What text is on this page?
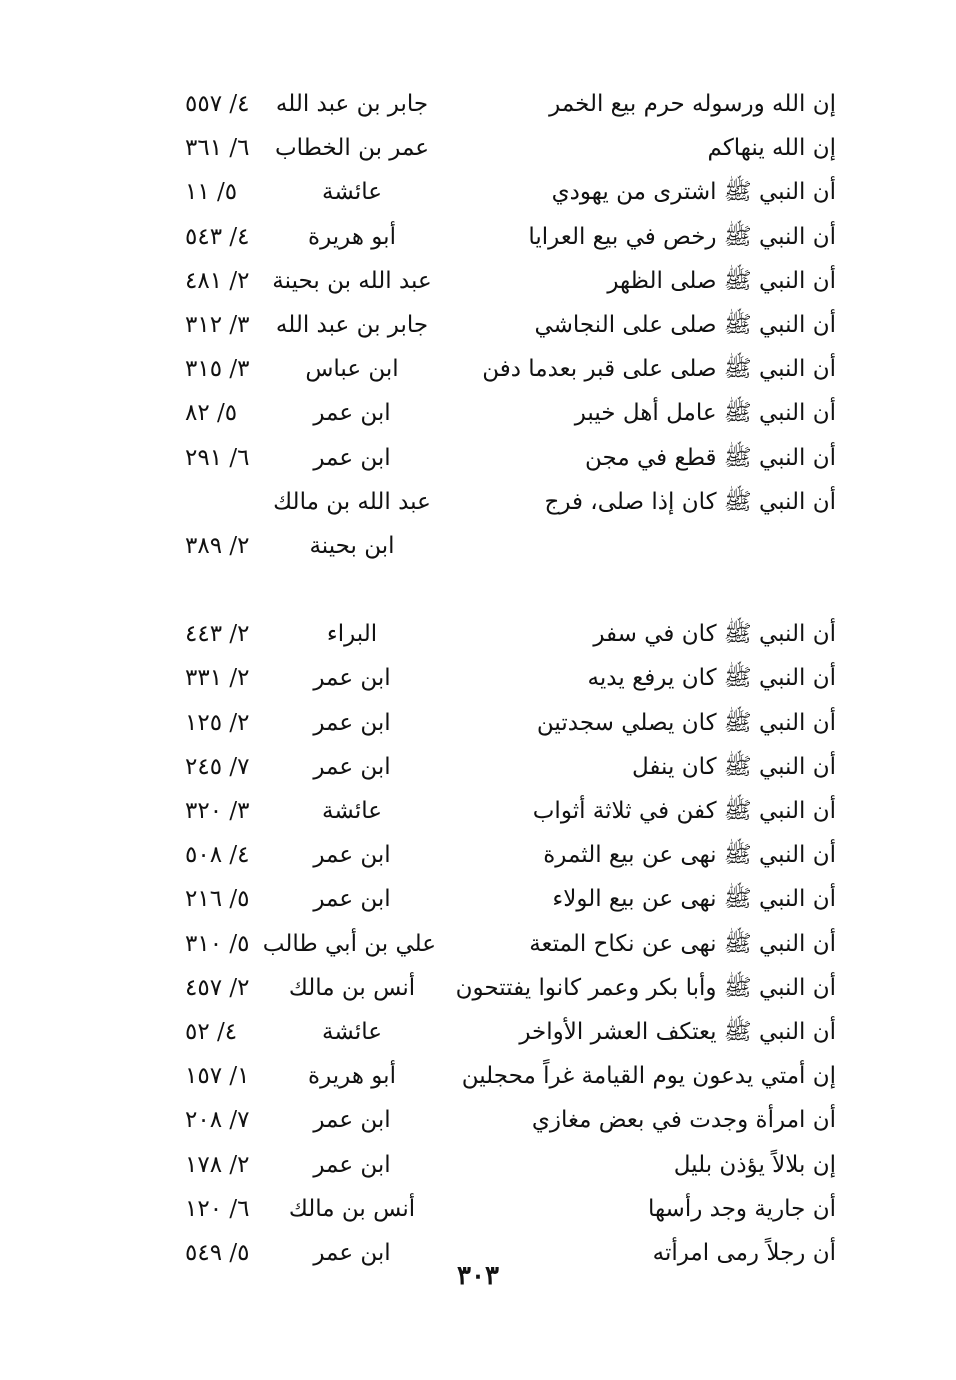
إن الله ورسوله حرم بيع الخمر
جابر بن عبد الله
٤/ ٥٥٧
إن الله ينهاكم
عمر بن الخطاب
٦/ ٣٦١
أن النبي ﷺ اشترى من يهودي
عائشة
٥/ ١١
أن النبي ﷺ رخص في بيع العرايا
أبو هريرة
٤/ ٥٤٣
أن النبي ﷺ صلى الظهر
عبد الله بن بحينة
٢/ ٤٨١
أن النبي ﷺ صلى على النجاشي
جابر بن عبد الله
٣/ ٣١٢
أن النبي ﷺ صلى على قبر بعدما دفن
ابن عباس
٣/ ٣١٥
أن النبي ﷺ عامل أهل خيبر
ابن عمر
٥/ ٨٢
أن النبي ﷺ قطع في مجن
ابن عمر
٦/ ٢٩١
أن النبي ﷺ كان إذا صلى، فرج
عبد الله بن مالك
ابن بحينة
٢/ ٣٨٩
أن النبي ﷺ كان في سفر
البراء
٢/ ٤٤٣
أن النبي ﷺ كان يرفع يديه
ابن عمر
٢/ ٣٣١
أن النبي ﷺ كان يصلي سجدتين
ابن عمر
٢/ ١٢٥
أن النبي ﷺ كان ينفل
ابن عمر
٧/ ٢٤٥
أن النبي ﷺ كفن في ثلاثة أثواب
عائشة
٣/ ٣٢٠
أن النبي ﷺ نهى عن بيع الثمرة
ابن عمر
٤/ ٥٠٨
أن النبي ﷺ نهى عن بيع الولاء
ابن عمر
٥/ ٢١٦
أن النبي ﷺ نهى عن نكاح المتعة
علي بن أبي طالب
٥/ ٣١٠
أن النبي ﷺ وأبا بكر وعمر كانوا يفتتحون
أنس بن مالك
٢/ ٤٥٧
أن النبي ﷺ يعتكف العشر الأواخر
عائشة
٤/ ٥٢
إن أمتي يدعون يوم القيامة غراً محجلين
أبو هريرة
١/ ١٥٧
أن امرأة وجدت في بعض مغازي
ابن عمر
٧/ ٢٠٨
إن بلالاً يؤذن بليل
ابن عمر
٢/ ١٧٨
أن جارية وجد رأسها
أنس بن مالك
٦/ ١٢٠
أن رجلاً رمى امرأته
ابن عمر
٥/ ٥٤٩
٣٠٣
